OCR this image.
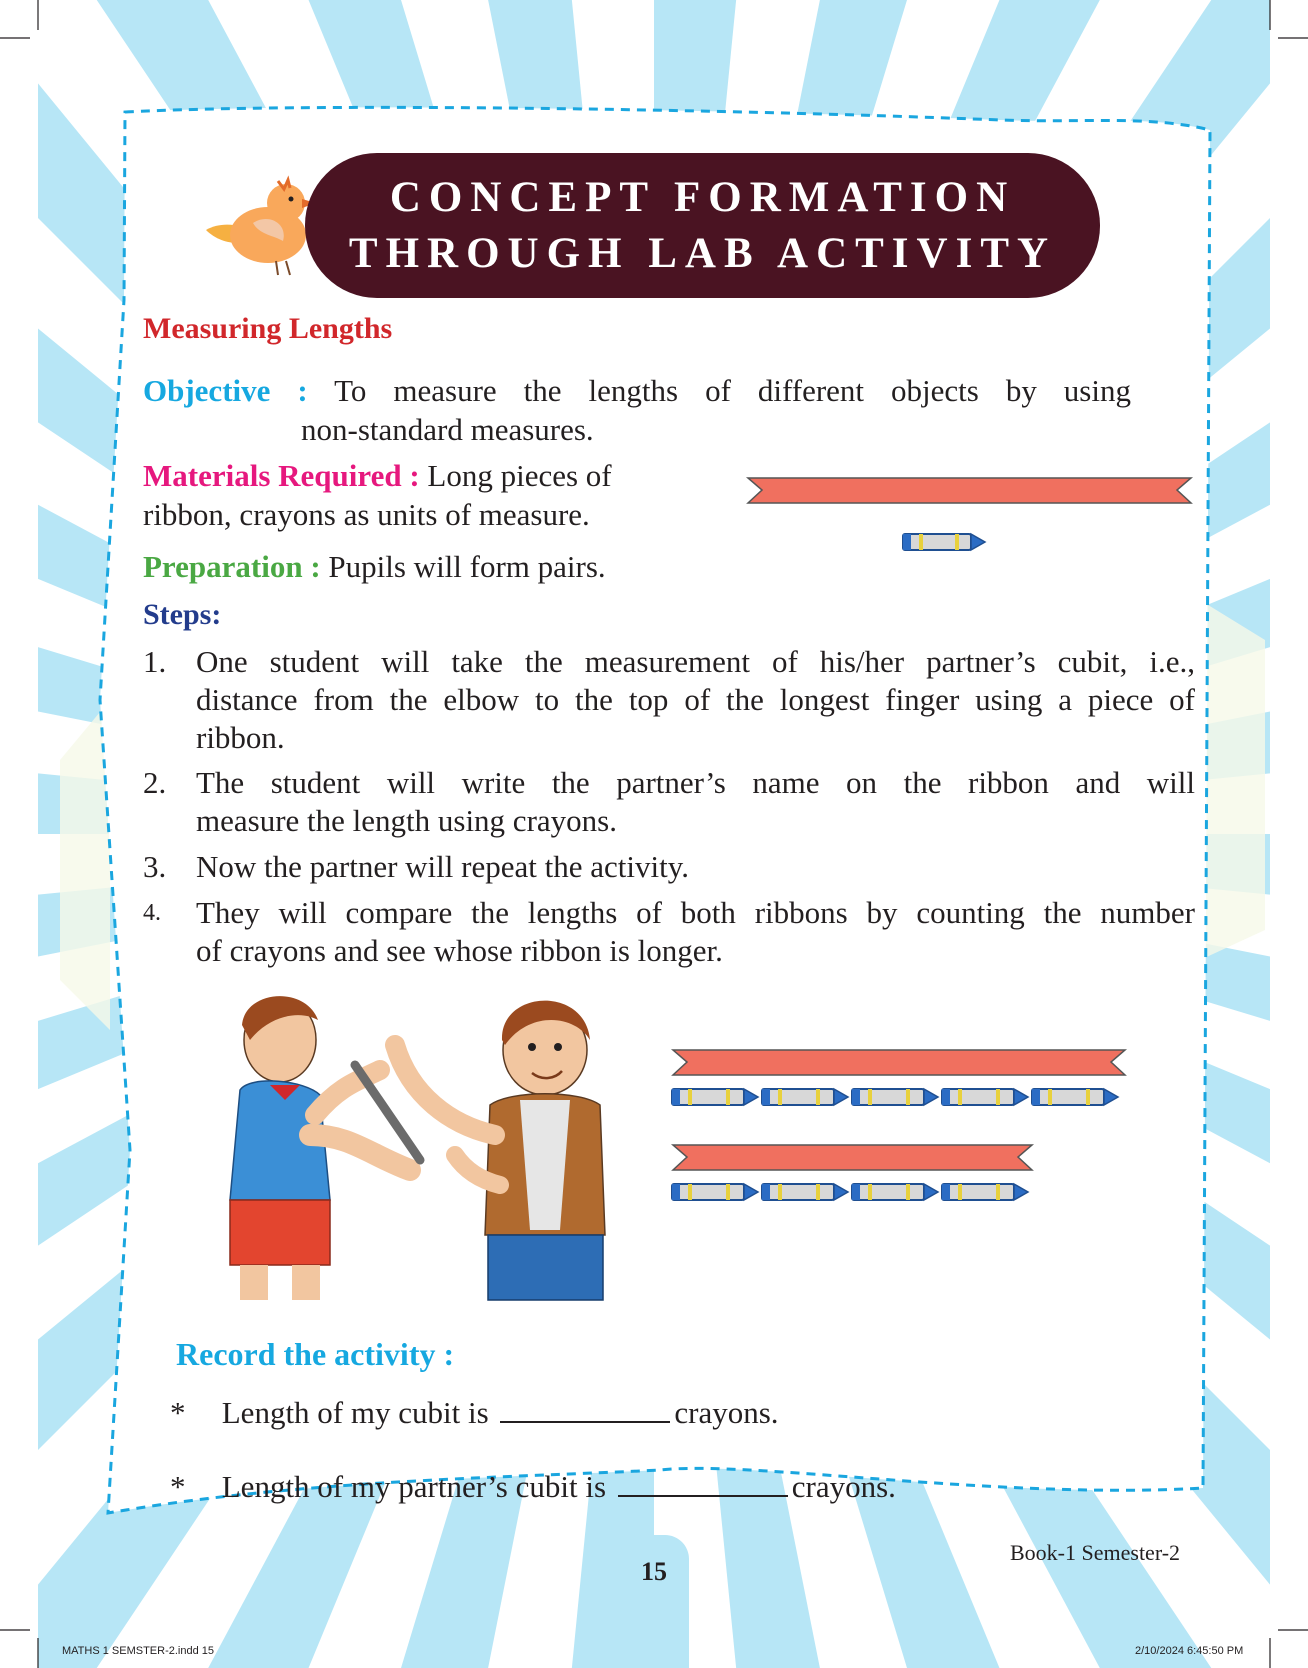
CONCEPT FORMATION
THROUGH LAB ACTIVITY
Measuring Lengths
Objective : To measure the lengths of different objects by using
non-standard measures.
Materials Required : Long pieces of
ribbon, crayons as units of measure.
Preparation : Pupils will form pairs.
Steps:
1. One student will take the measurement of his/her partner’s cubit, i.e.,
distance from the elbow to the top of the longest finger using a piece of
ribbon.
2. The student will write the partner’s name on the ribbon and will
measure the length using crayons.
3. Now the partner will repeat the activity.
4.	They will compare the lengths of both ribbons by counting the number
of crayons and see whose ribbon is longer.
Record the activity :
* Length of my cubit is	crayons.
* Length of my partner’s cubit is	crayons.
15
Book-1 Semester-2
MATHS 1 SEMSTER-2.indd 15	2/10/2024 6:45:50 PM
